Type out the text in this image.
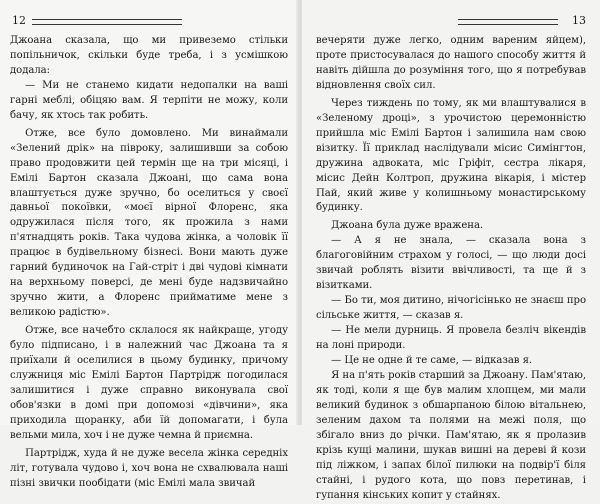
12

Джоана сказала, що ми привеземо стільки попільничок, скільки буде треба, і з усмішкою додала:

— Ми не станемо кидати недопалки на ваші гарні меблі, обіцяю вам. Я терпіти не можу, коли бачу, як хтось так робить.

Отже, все було домовлено. Ми винаймали «Зелений дрік» на півроку, залишивши за собою право продовжити цей термін ще на три місяці, і Емілі Бартон сказала Джоані, що сама вона влаштується дуже зручно, бо оселиться у своєї давньої покоївки, «моєї вірної Флоренс, яка одружилася після того, як прожила з нами п'ятнадцять років. Така чудова жінка, а чоловік її працює в будівельному бізнесі. Вони мають дуже гарний будиночок на Гай-стріт і дві чудові кімнати на верхньому поверсі, де мені буде надзвичайно зручно жити, а Флоренс прийматиме мене з великою радістю».

Отже, все начебто склалося як найкраще, угоду було підписано, і в належний час Джоана та я приїхали й оселилися в цьому будинку, причому служниця міс Емілі Бартон Партрідж погодилася залишитися і дуже справно виконувала свої обов'язки в домі при допомозі «дівчини», яка приходила щоранку, аби їй допомагати, і була вельми мила, хоч і не дуже чемна й приємна.

Партрідж, худа й не дуже весела жінка середніх літ, готувала чудово і, хоч вона не схвалювала наші пізні звички пообідати (міс Емілі мала звичай

13

вечеряти дуже легко, одним вареним яйцем), проте пристосувалася до нашого способу життя й навіть дійшла до розуміння того, що я потребував відновлення своїх сил.

Через тиждень по тому, як ми влаштувалися в «Зеленому дроці», з урочистою церемонністю прийшла міс Емілі Бартон і залишила нам свою візитку. Її приклад наслідували місис Симінгтон, дружина адвоката, міс Гріфіт, сестра лікаря, місис Дейн Колтроп, дружина вікарія, і містер Пай, який живе у колишньому монастирському будинку.

Джоана була дуже вражена.

— А я не знала, — сказала вона з благоговійним страхом у голосі, — що люди досі звичай роблять візити ввічливості, та ще й з візитками.

— Бо ти, моя дитино, нічогісінько не знаєш про сільське життя, — сказав я.

— Не мели дурниць. Я провела безліч вікендів на лоні природи.

— Це не одне й те саме, — відказав я.

Я на п'ять років старший за Джоану. Пам'ятаю, як тоді, коли я ще був малим хлопцем, ми мали великий будинок з обшарпаною білою вітальнею, зеленим дахом та полями на межі поля, що збігало вниз до річки. Пам'ятаю, як я пролазив крізь кущі малини, шукав вишні на дереві й кози під ліжком, і запах білої пилюки на подвір'ї біля стайні, і рудого кота, що повз перетинав, і гупання кінських копит у стайнях.
